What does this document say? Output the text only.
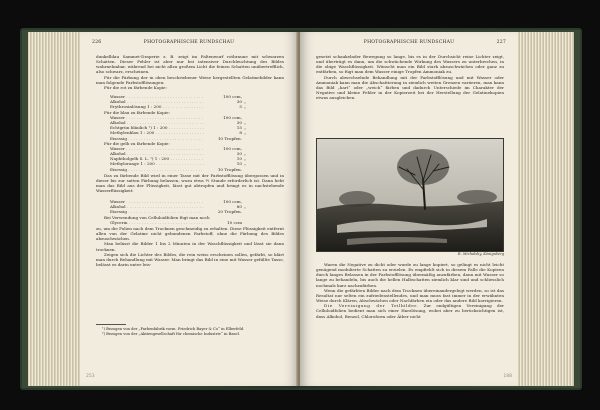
226	PHOTOGRAPHISCHE RUNDSCHAU

dunkelblau Sammet-Draperie z. B. zeigt im Faltenwurf rotbraune mit schwarzen Schatten. Dieser Fehler ist aber nur bei intensiver Durchleuchtung des Bildes wahrnehmbar, während bei nicht allzu großem Licht die feinen Schatten unübertrefflich, also schwarz, erscheinen.

Für die Färbung der in oben beschriebener Weise hergestellten Gelatinebilder kann man folgende Farbstofflösungen:

Für die rot zu färbende Kopie:

Wasser . . .	100 ccm,
Alkohol . . .	30 „
Erythrosinlösung 1 : 200 . . .	5 „

Für die blau zu färbende Kopie:

Wasser . . .	100 ccm,
Alkohol . . .	30 „
Echtgrün bläulich ¹) 1 : 200 . . .	15 „
Methylenblau 1 : 200 . . .	8 „
Eisessig . . .	10 Tropfen.

Für die gelb zu färbende Kopie:

Wasser . . .	100 ccm,
Alkohol . . .	30 „
Naphtholgelb S. L. ¹) 1 : 200 . . .	10 „
Methylorange 1 : 200 . . .	10 „
Eisessig . . .	10 Tropfen.

Das zu färbende Bild wird in einer Tasse mit der Farbstofflösung übergossen und in dieser bis zur satten Färbung belassen, wozu etwa ½ Stunde erforderlich ist. Dann hebt man das Bild aus der Flüssigkeit, lässt gut abtropfen und bringt es in nachstehende Wasserflüssigkeit:

Wasser . . .	100 ccm,
Alkohol . . .	80 „
Eisessig . . .	20 Tropfen.

Bei Verwendung von Celluloidfolien fügt man noch

Glycerin . . .	10 ccm

zu, um die Folien nach dem Trocknen geschmeidig zu erhalten. Diese Flüssigkeit entfernt allen von der Gelatine nicht gebundenen Farbstoff, ohne die Färbung des Bildes abzuschwächen.

Man belässt die Bilder 1 bis 2 Minuten in der Waschflüssigkeit und lässt sie dann trocknen.

Zeigen sich die Lichter des Bildes, die rein weiss erscheinen sollen, gefärbt, so klärt man durch Behandlung mit Wasser. Man bringt das Bild in eine mit Wasser gefüllte Tasse, belässt es darin unter leis-

¹) Bezogen von der „Farbenfabrik vorm. Friedrich Bayer & Co“ in Elberfeld.

²) Bezogen von der „Aktiengesellschaft für chemische Industrie“ in Basel.

253
PHOTOGRAPHISCHE RUNDSCHAU	227

gesetzt schaukelnder Bewegung so lange, bis es in der Durchsicht reine Lichter zeigt, und überträgt es dann, um die schwächende Wirkung des Wassers zu unterbrechen, in die obige Waschflüssigkeit. Wünscht man ein Bild stark abzuschwächen oder ganz zu entfärben, so fügt man dem Wasser einige Tropfen Ammoniak zu.

Durch abwechselnde Behandlung mit der Farbstofflösung und mit Wasser oder Ammoniak kann man die Abschattierung in ziemlich weiten Grenzen variieren, man kann das Bild „hart“ oder „weich“ färben und dadurch Unterschiede im Charakter der Negative und kleine Fehler in der Kopierzeit bei der Herstellung der Gelatinekopien etwas ausgleichen.

R. Michalsky, Königsberg

Waren die Negative zu dicht oder wurde zu lange kopiert, so gelingt es nicht leicht genügend modulierte Schatten zu erzielen. Es empfiehlt sich in diesem Falle die Kopieen durch langes Belassen in der Farbstofflösung übermäßig anzufärben, dann mit Wasser so lange zu behandeln, bis auch die hellen Halbschatten ziemlich klar sind und schliesslich nochmals kurz nachzufärben.

Wenn die gefärbten Bilder nach dem Trocknen übereinandergelegt werden, so ist das Resultat nur selten ein zufriedenstellendes, und man muss fast immer in der erwähnten Weise durch Klären, Abschwächen oder Nachfärben ein oder das andere Bild korrigieren.

Die Vereinigung der Teilbilder. Zur endgültigen Vereinigung der Celluloidfolien bedient man sich einer Harzlösung, wobei aber zu berücksichtigen ist, dass Alkohol, Benzol, Chloroform oder Äther nicht

188
